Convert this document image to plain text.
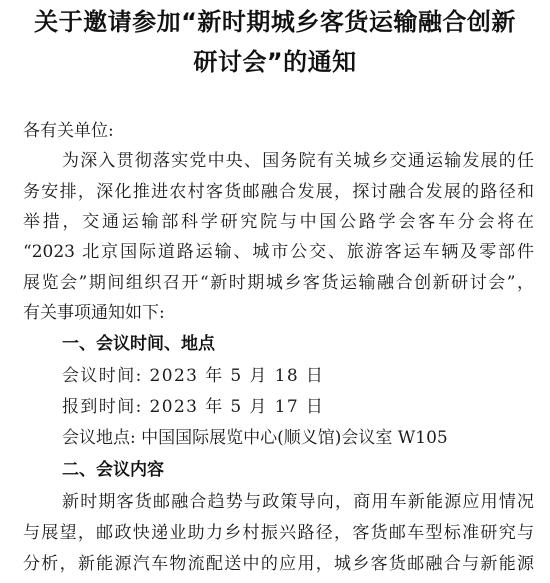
关于邀请参加“新时期城乡客货运输融合创新
研讨会”的通知
各有关单位:
为深入贯彻落实党中央、国务院有关城乡交通运输发展的任
务安排，深化推进农村客货邮融合发展，探讨融合发展的路径和
举措，交通运输部科学研究院与中国公路学会客车分会将在
“2023 北京国际道路运输、城市公交、旅游客运车辆及零部件
展览会”期间组织召开“新时期城乡客货运输融合创新研讨会”，
有关事项通知如下:
一、会议时间、地点
会议时间: 2023 年 5 月 18 日
报到时间: 2023 年 5 月 17 日
会议地点: 中国国际展览中心(顺义馆)会议室 W105
二、会议内容
新时期客货邮融合趋势与政策导向，商用车新能源应用情况
与展望，邮政快递业助力乡村振兴路径，客货邮车型标准研究与
分析，新能源汽车物流配送中的应用，城乡客货邮融合与新能源
